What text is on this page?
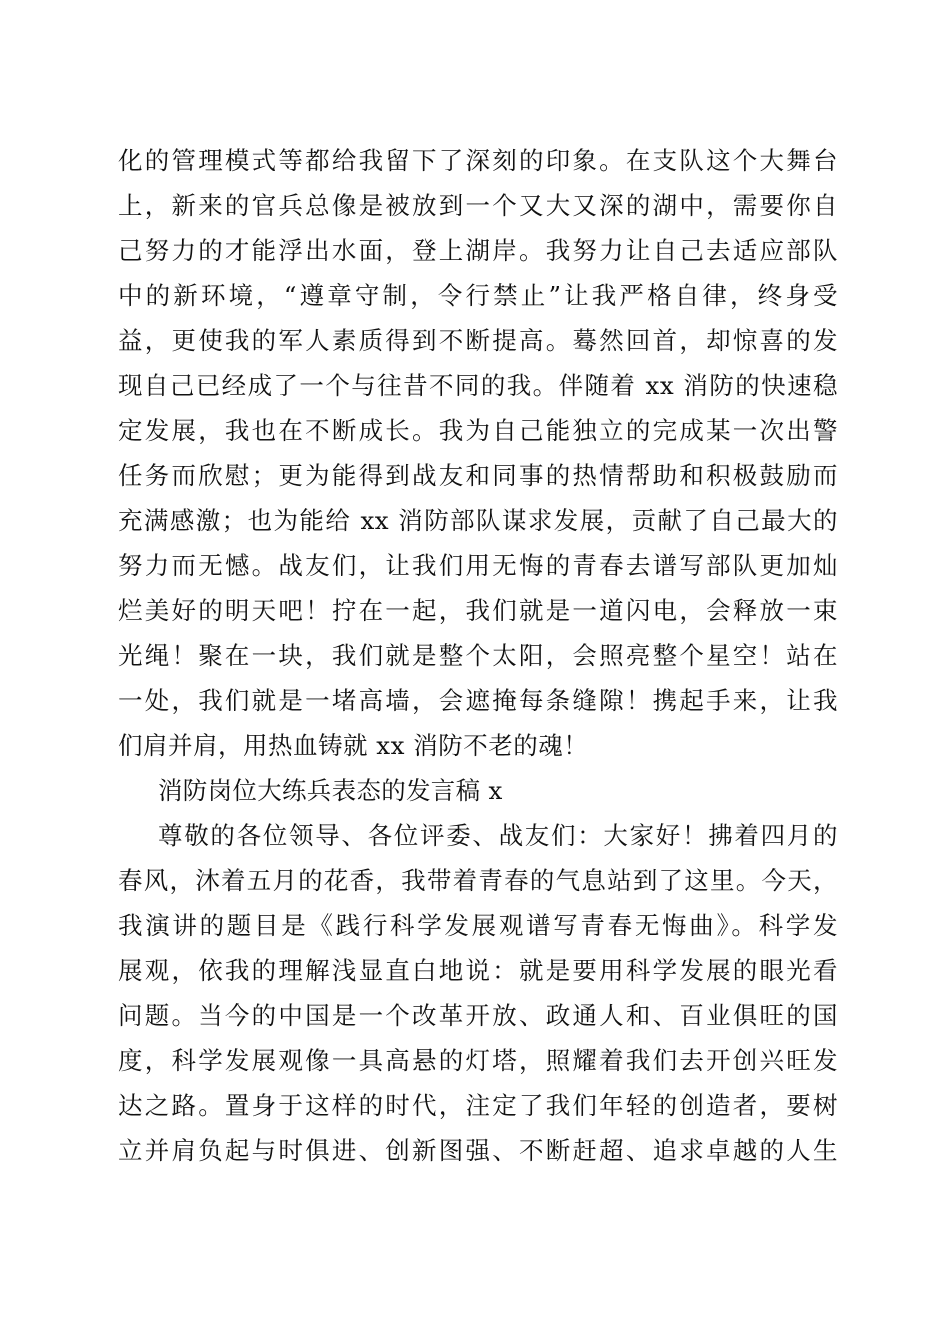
化的管理模式等都给我留下了深刻的印象。在支队这个大舞台
上，新来的官兵总像是被放到一个又大又深的湖中，需要你自
己努力的才能浮出水面，登上湖岸。我努力让自己去适应部队
中的新环境，“遵章守制，令行禁止”让我严格自律，终身受
益，更使我的军人素质得到不断提高。蓦然回首，却惊喜的发
现自己已经成了一个与往昔不同的我。伴随着 xx 消防的快速稳
定发展，我也在不断成长。我为自己能独立的完成某一次出警
任务而欣慰；更为能得到战友和同事的热情帮助和积极鼓励而
充满感激；也为能给 xx 消防部队谋求发展，贡献了自己最大的
努力而无憾。战友们，让我们用无悔的青春去谱写部队更加灿
烂美好的明天吧！拧在一起，我们就是一道闪电，会释放一束
光绳！聚在一块，我们就是整个太阳，会照亮整个星空！站在
一处，我们就是一堵高墙，会遮掩每条缝隙！携起手来，让我
们肩并肩，用热血铸就 xx 消防不老的魂！
消防岗位大练兵表态的发言稿 x
尊敬的各位领导、各位评委、战友们：大家好！拂着四月的
春风，沐着五月的花香，我带着青春的气息站到了这里。今天，
我演讲的题目是《践行科学发展观谱写青春无悔曲》。科学发
展观，依我的理解浅显直白地说：就是要用科学发展的眼光看
问题。当今的中国是一个改革开放、政通人和、百业俱旺的国
度，科学发展观像一具高悬的灯塔，照耀着我们去开创兴旺发
达之路。置身于这样的时代，注定了我们年轻的创造者，要树
立并肩负起与时俱进、创新图强、不断赶超、追求卓越的人生
